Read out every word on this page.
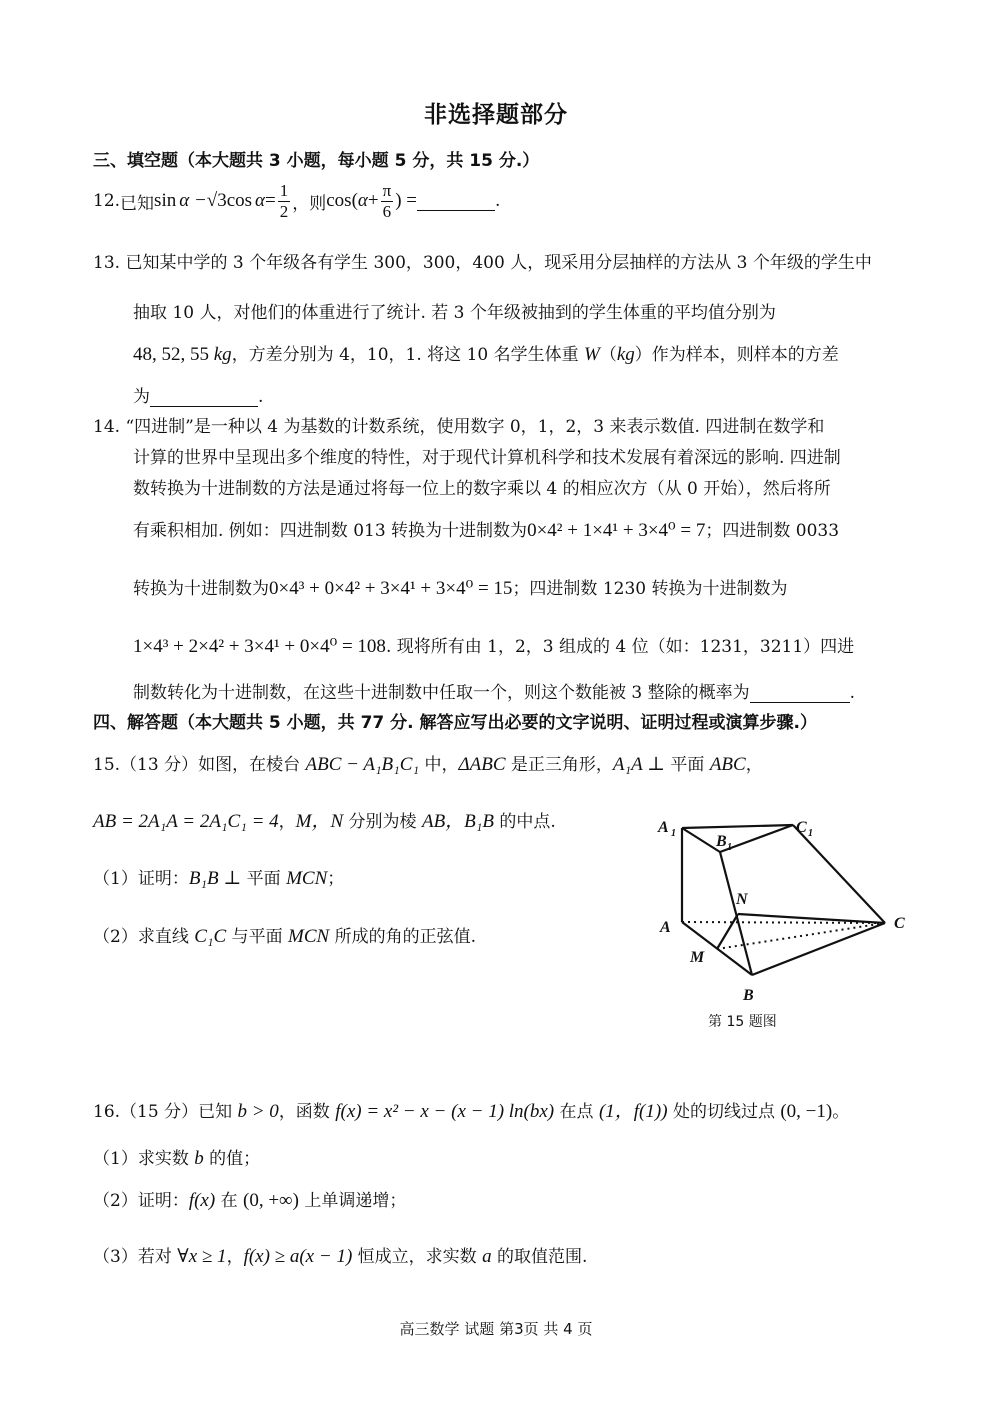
非选择题部分
三、填空题（本大题共 3 小题，每小题 5 分，共 15 分.）
12. 已知 sin α − √3 $\cos \alpha = \frac{1}{2}$ ，则 cos( $\alpha + \frac{\pi}{6}$ ) =	.
13. 已知某中学的 3 个年级各有学生 300，300，400 人，现采用分层抽样的方法从 3 个年级的学生中
抽取 10 人，对他们的体重进行了统计. 若 3 个年级被抽到的学生体重的平均值分别为
48, 52, 55 kg，方差分别为 4，10，1. 将这 10 名学生体重 W（kg）作为样本，则样本的方差
为	.
14. “四进制”是一种以 4 为基数的计数系统，使用数字 0，1，2，3 来表示数值. 四进制在数学和
计算的世界中呈现出多个维度的特性，对于现代计算机科学和技术发展有着深远的影响. 四进制
数转换为十进制数的方法是通过将每一位上的数字乘以 4 的相应次方（从 0 开始），然后将所
有乘积相加. 例如：四进制数 013 转换为十进制数为0×4² + 1×4¹ + 3×4⁰ = 7；四进制数 0033
转换为十进制数为0×4³ + 0×4² + 3×4¹ + 3×4⁰ = 15；四进制数 1230 转换为十进制数为
1×4³ + 2×4² + 3×4¹ + 0×4⁰ = 108. 现将所有由 1，2，3 组成的 4 位（如：1231，3211）四进
制数转化为十进制数，在这些十进制数中任取一个，则这个数能被 3 整除的概率为	.
四、解答题（本大题共 5 小题，共 77 分. 解答应写出必要的文字说明、证明过程或演算步骤.）
15.（13 分）如图，在棱台 ABC − A₁B₁C₁ 中，ΔABC 是正三角形，A₁A ⊥ 平面 ABC，
AB = 2A₁A = 2A₁C₁ = 4，M，N 分别为棱 AB，B₁B 的中点.
（1）证明：B₁B ⊥ 平面 MCN；
（2）求直线 C₁C 与平面 MCN 所成的角的正弦值.
A 1	B 1
C 1
N
A	C
M
B
第 15 题图
16.（15 分）已知 b > 0，函数 f(x) = x² − x − (x − 1) ln(bx) 在点 (1，f(1)) 处的切线过点 (0, −1)。
（1）求实数 b 的值；
（2）证明：f(x) 在 (0, +∞) 上单调递增；
（3）若对 ∀x ≥ 1，f(x) ≥ a(x − 1) 恒成立，求实数 a 的取值范围.
高三数学 试题 第3页 共 4 页
